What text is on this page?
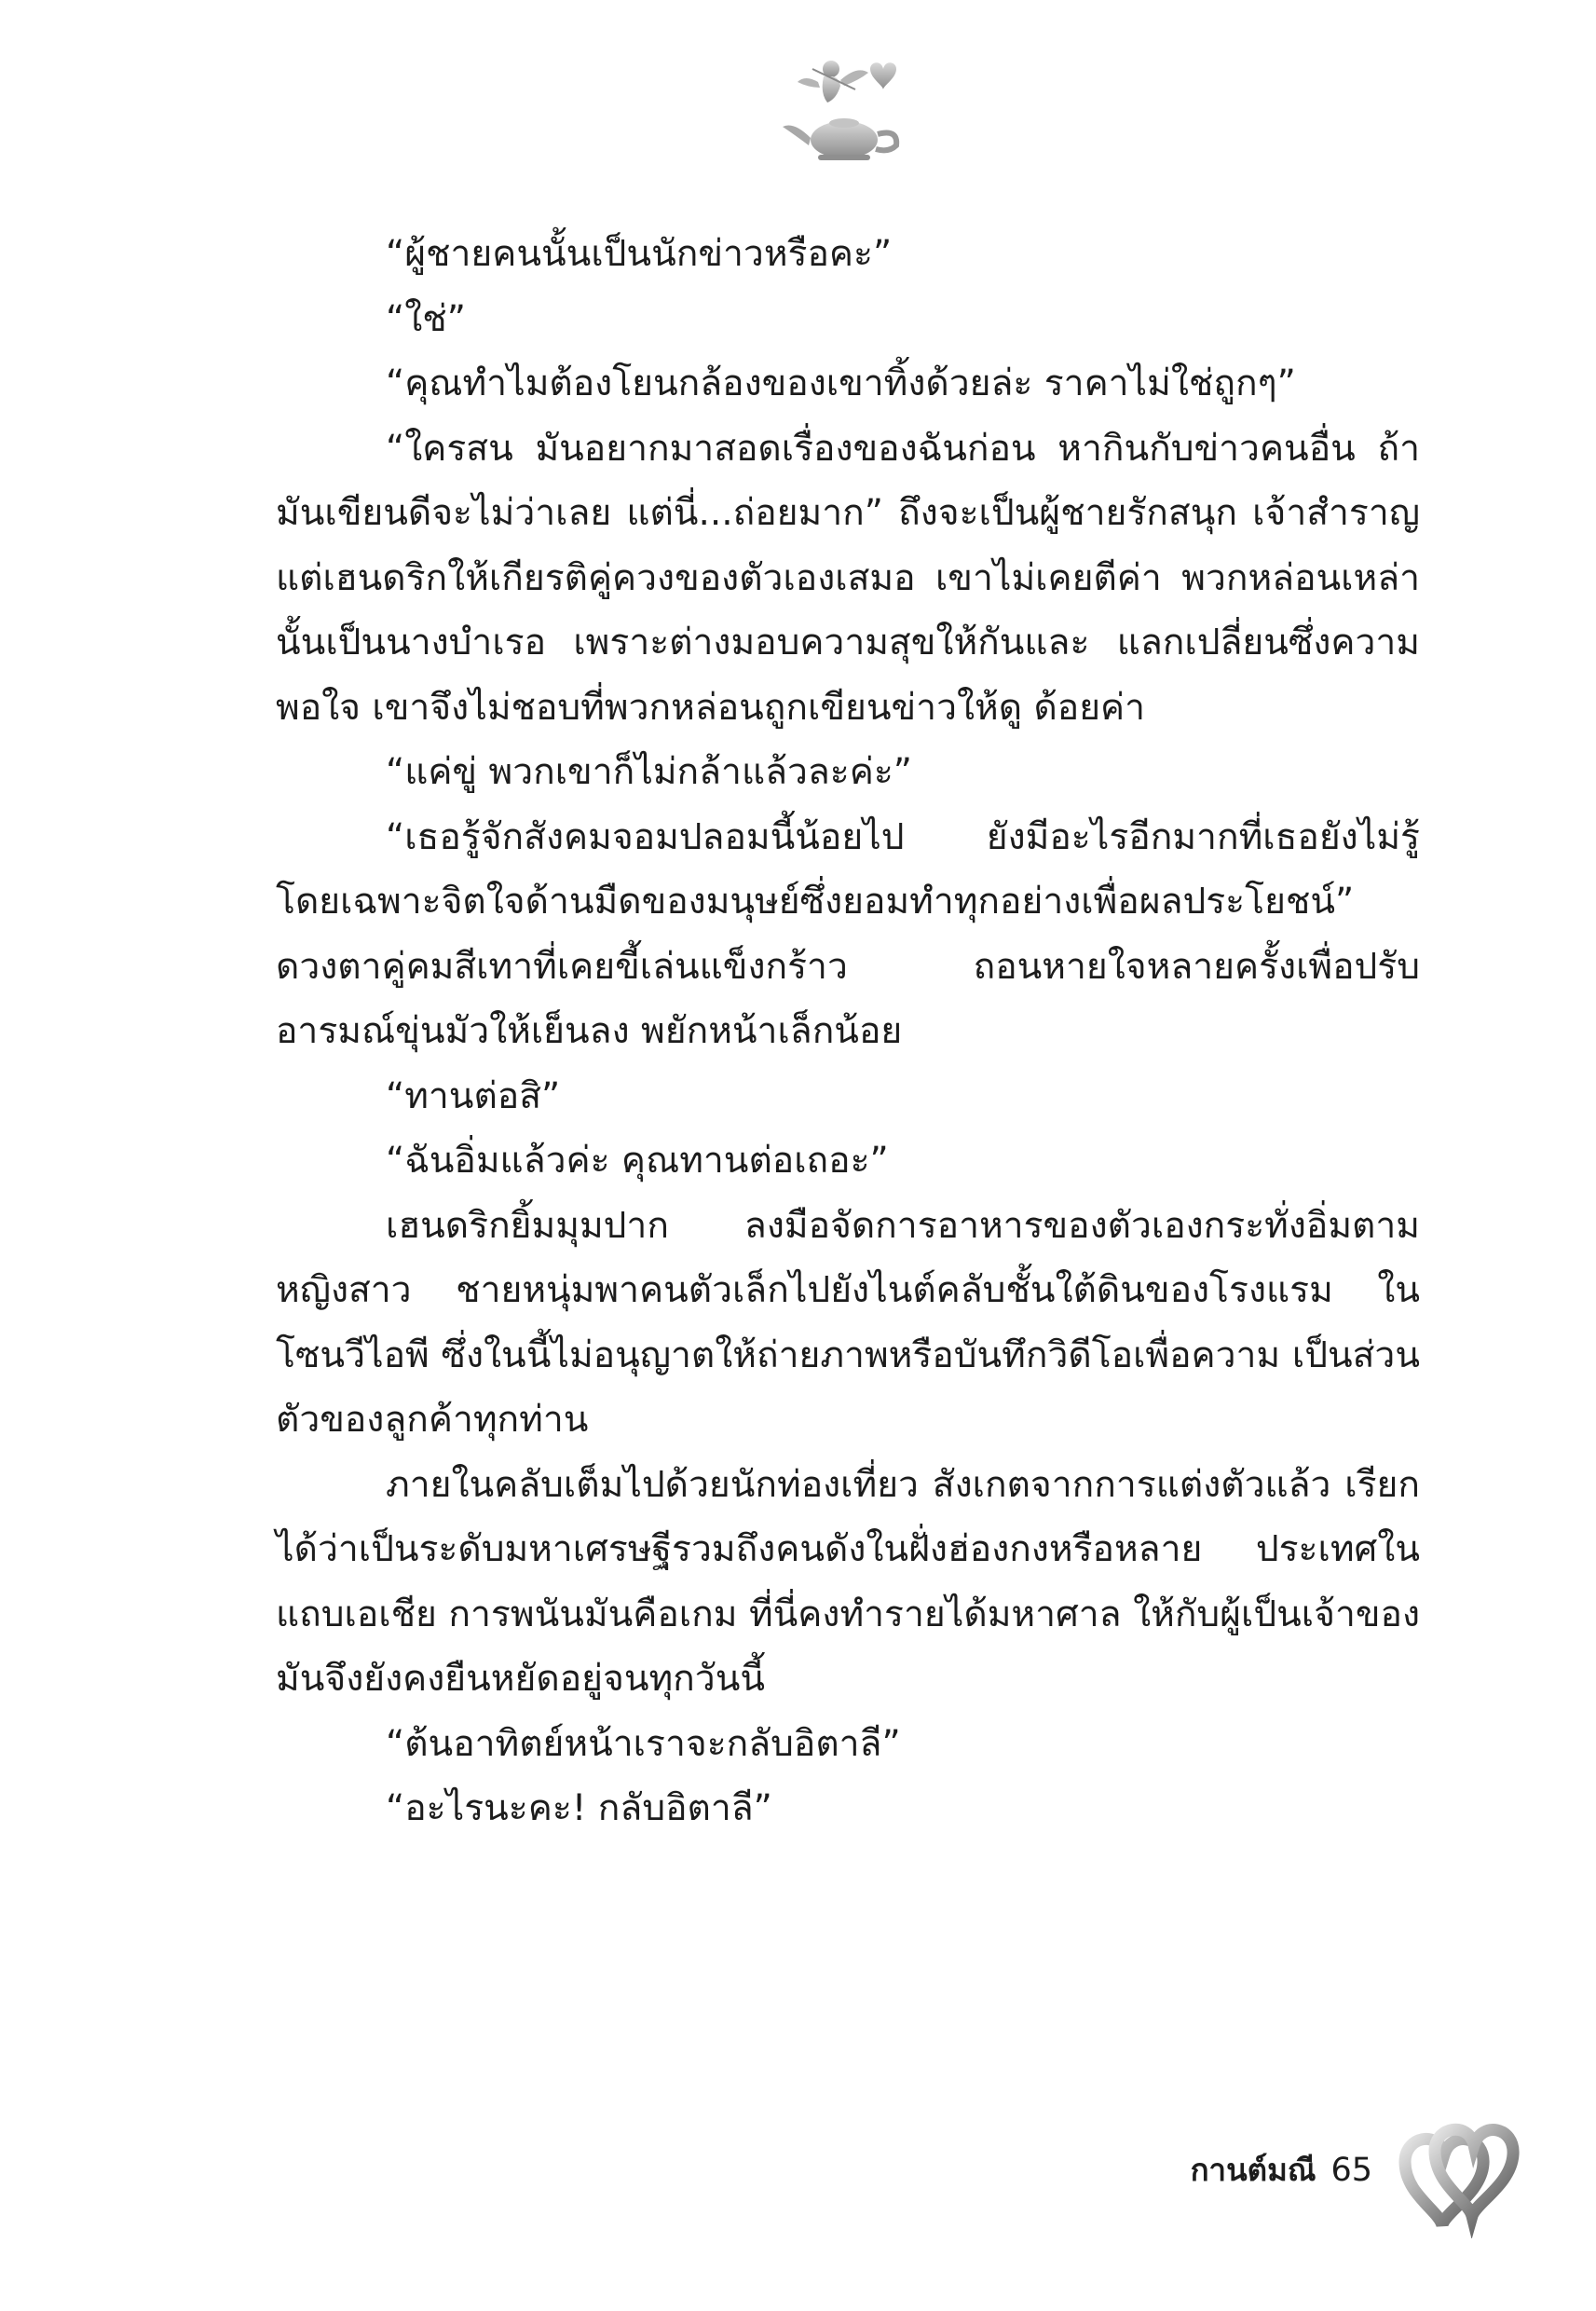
“ผู้ชายคนนั้นเป็นนักข่าวหรือคะ”

“ใช่”

“คุณทำไมต้องโยนกล้องของเขาทิ้งด้วยล่ะ ราคาไม่ใช่ถูกๆ”

“ใครสน มันอยากมาสอดเรื่องของฉันก่อน หากินกับข่าวคนอื่น ถ้ามันเขียนดีจะไม่ว่าเลย แต่นี่...ถ่อยมาก” ถึงจะเป็นผู้ชายรักสนุก เจ้าสำราญ แต่เฮนดริกให้เกียรติคู่ควงของตัวเองเสมอ เขาไม่เคยตีค่า พวกหล่อนเหล่านั้นเป็นนางบำเรอ เพราะต่างมอบความสุขให้กันและ แลกเปลี่ยนซึ่งความพอใจ เขาจึงไม่ชอบที่พวกหล่อนถูกเขียนข่าวให้ดู ด้อยค่า

“แค่ขู่ พวกเขาก็ไม่กล้าแล้วละค่ะ”

“เธอรู้จักสังคมจอมปลอมนี้น้อยไป ยังมีอะไรอีกมากที่เธอยังไม่รู้ โดยเฉพาะจิตใจด้านมืดของมนุษย์ซึ่งยอมทำทุกอย่างเพื่อผลประโยชน์” ดวงตาคู่คมสีเทาที่เคยขี้เล่นแข็งกร้าว ถอนหายใจหลายครั้งเพื่อปรับ อารมณ์ขุ่นมัวให้เย็นลง พยักหน้าเล็กน้อย

“ทานต่อสิ”

“ฉันอิ่มแล้วค่ะ คุณทานต่อเถอะ”

เฮนดริกยิ้มมุมปาก ลงมือจัดการอาหารของตัวเองกระทั่งอิ่มตาม หญิงสาว ชายหนุ่มพาคนตัวเล็กไปยังไนต์คลับชั้นใต้ดินของโรงแรม ในโซนวีไอพี ซึ่งในนี้ไม่อนุญาตให้ถ่ายภาพหรือบันทึกวิดีโอเพื่อความ เป็นส่วนตัวของลูกค้าทุกท่าน

ภายในคลับเต็มไปด้วยนักท่องเที่ยว สังเกตจากการแต่งตัวแล้ว เรียกได้ว่าเป็นระดับมหาเศรษฐีรวมถึงคนดังในฝั่งฮ่องกงหรือหลาย ประเทศในแถบเอเชีย การพนันมันคือเกม ที่นี่คงทำรายได้มหาศาล ให้กับผู้เป็นเจ้าของ มันจึงยังคงยืนหยัดอยู่จนทุกวันนี้

“ต้นอาทิตย์หน้าเราจะกลับอิตาลี”

“อะไรนะคะ! กลับอิตาลี”

กานต์มณี 65
